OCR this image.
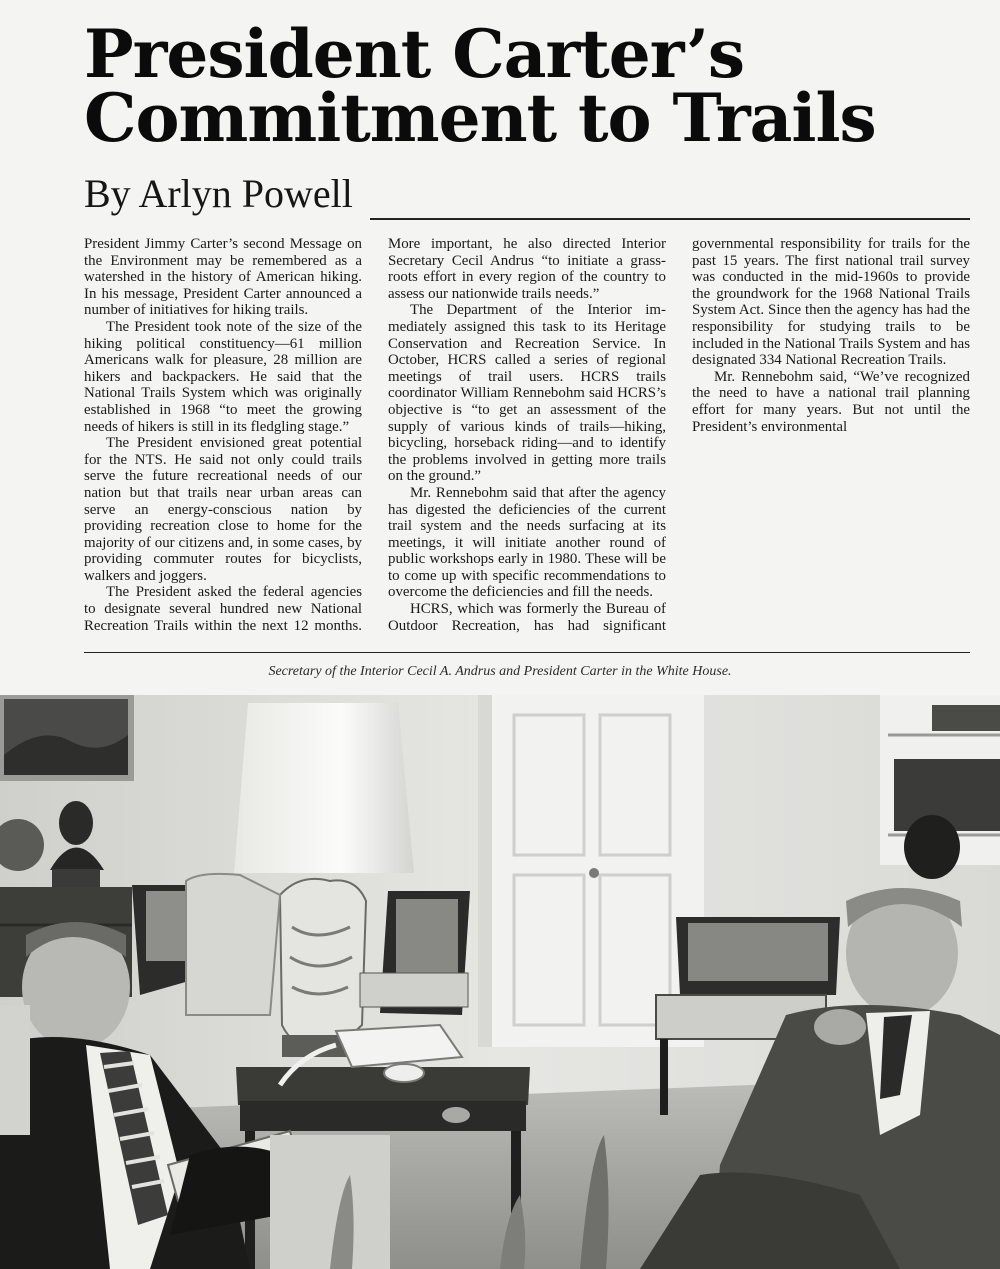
President Carter’s
Commitment to Trails
By Arlyn Powell

President Jimmy Carter’s second Message on the Environment may be remembered as a watershed in the history of American hiking. In his message, President Carter announced a number of initiatives for hiking trails.

The President took note of the size of the hiking political constituency—61 million Americans walk for pleasure, 28 million are hikers and backpackers. He said that the National Trails System which was originally established in 1968 “to meet the growing needs of hikers is still in its fledgling stage.”

The President envisioned great potential for the NTS. He said not only could trails serve the future recreational needs of our nation but that trails near urban areas can serve an energy-conscious nation by providing recreation close to home for the majority of our citizens and, in some cases, by providing commuter routes for bicyclists, walkers and joggers.

The President asked the federal agencies to designate several hundred new National Recreation Trails within the next 12 months. More important, he also directed Interior Secretary Cecil Andrus “to initiate a grass-roots effort in every region of the country to assess our nationwide trails needs.”

The Department of the Interior immediately assigned this task to its Heritage Conservation and Recreation Service. In October, HCRS called a series of regional meetings of trail users. HCRS trails coordinator William Rennebohm said HCRS’s objective is “to get an assessment of the supply of various kinds of trails—hiking, bicycling, horseback riding—and to identify the problems involved in getting more trails on the ground.”

Mr. Rennebohm said that after the agency has digested the deficiencies of the current trail system and the needs surfacing at its meetings, it will initiate another round of public workshops early in 1980. These will be to come up with specific recommendations to overcome the deficiencies and fill the needs.

HCRS, which was formerly the Bureau of Outdoor Recreation, has had significant governmental responsibility for trails for the past 15 years. The first national trail survey was conducted in the mid-1960s to provide the groundwork for the 1968 National Trails System Act. Since then the agency has had the responsibility for studying trails to be included in the National Trails System and has designated 334 National Recreation Trails.

Mr. Rennebohm said, “We’ve recognized the need to have a national trail planning effort for many years. But not until the President’s environmental

Secretary of the Interior Cecil A. Andrus and President Carter in the White House.
